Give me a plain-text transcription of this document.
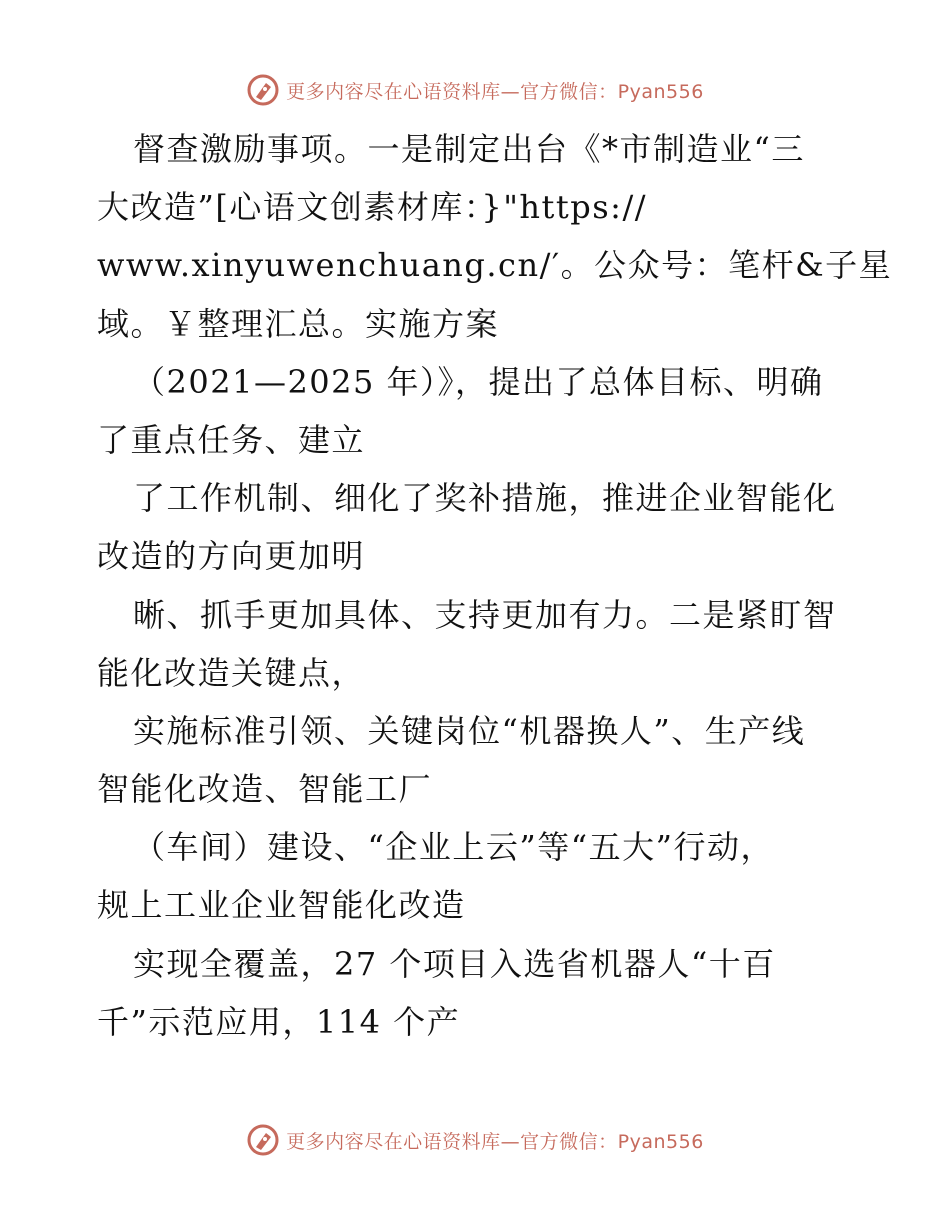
更多内容尽在心语资料库—官方微信：Pyan556
督查激励事项。一是制定出台《*市制造业“三
大改造”[心语文创素材库：}"https://
www.xinyuwenchuang.cn/′。公众号：笔杆&子星
域。￥整理汇总。实施方案
（2021—2025 年）》，提出了总体目标、明确
了重点任务、建立
了工作机制、细化了奖补措施，推进企业智能化
改造的方向更加明
晰、抓手更加具体、支持更加有力。二是紧盯智
能化改造关键点，
实施标准引领、关键岗位“机器换人”、生产线
智能化改造、智能工厂
（车间）建设、“企业上云”等“五大”行动，
规上工业企业智能化改造
实现全覆盖，27 个项目入选省机器人“十百
千”示范应用，114 个产
更多内容尽在心语资料库—官方微信：Pyan556
